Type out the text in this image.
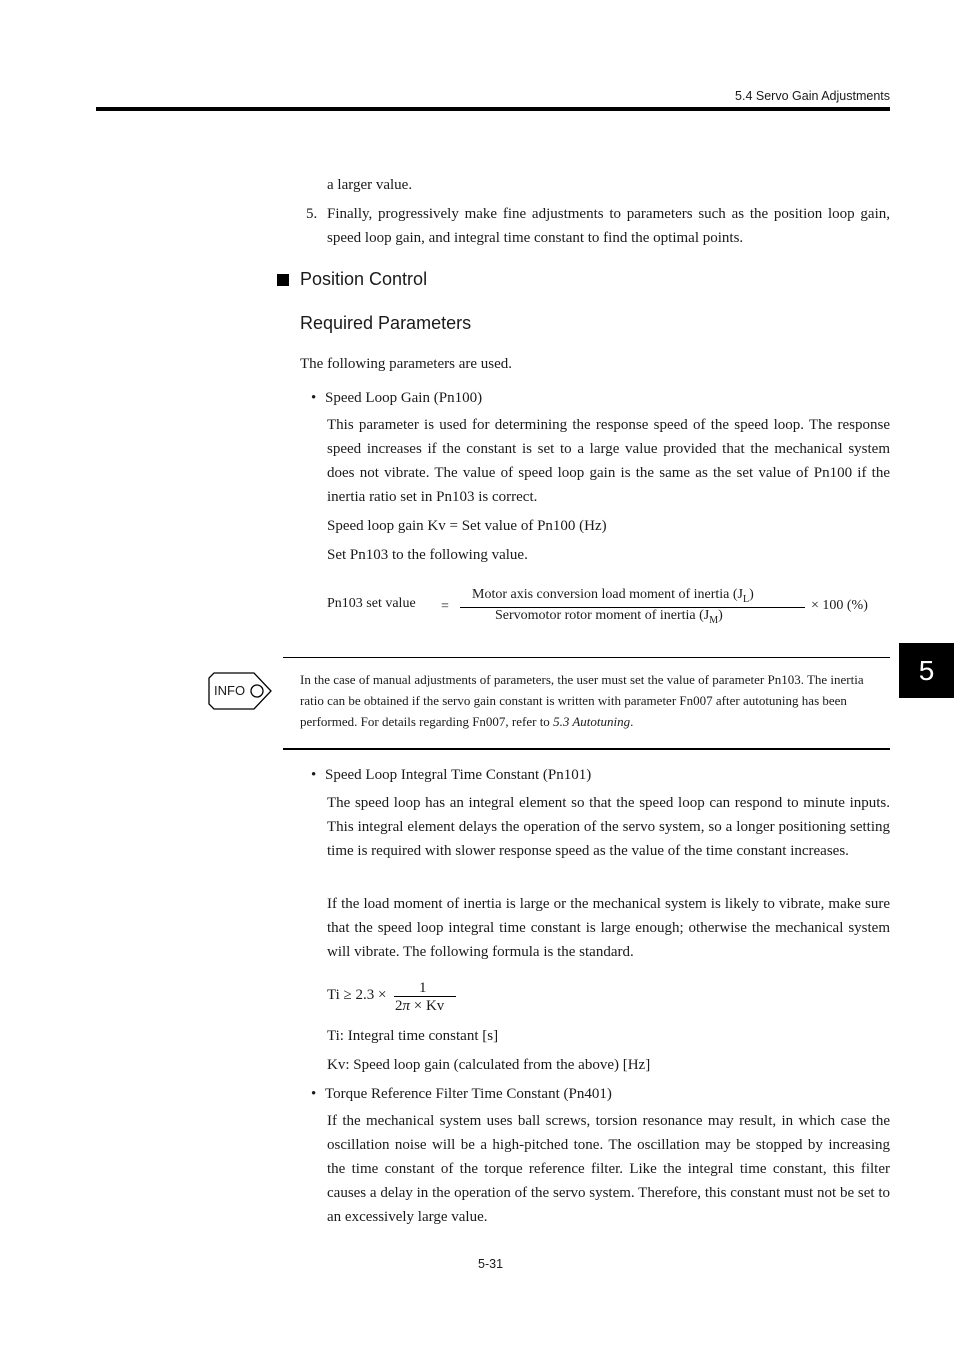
5.4 Servo Gain Adjustments
5
a larger value.
5. Finally, progressively make fine adjustments to parameters such as the position loop gain, speed loop gain, and integral time constant to find the optimal points.
Position Control
Required Parameters
The following parameters are used.
• Speed Loop Gain (Pn100)
This parameter is used for determining the response speed of the speed loop. The response speed increases if the constant is set to a large value provided that the mechanical system does not vibrate. The value of speed loop gain is the same as the set value of Pn100 if the inertia ratio set in Pn103 is correct.
Speed loop gain Kv = Set value of Pn100 (Hz)
Set Pn103 to the following value.
Pn103 set value =
Motor axis conversion load moment of inertia $(J_L)$
Servomotor rotor moment of inertia $(J_M)$
× 100 (%)
INFO
In the case of manual adjustments of parameters, the user must set the value of parameter Pn103. The inertia ratio can be obtained if the servo gain constant is written with parameter Fn007 after autotuning has been performed. For details regarding Fn007, refer to 5.3 Autotuning.
• Speed Loop Integral Time Constant (Pn101)
The speed loop has an integral element so that the speed loop can respond to minute inputs. This integral element delays the operation of the servo system, so a longer positioning setting time is required with slower response speed as the value of the time constant increases.
If the load moment of inertia is large or the mechanical system is likely to vibrate, make sure that the speed loop integral time constant is large enough; otherwise the mechanical system will vibrate. The following formula is the standard.
Ti ≥ 2.3 × 1
2π × Kv
Ti: Integral time constant [s]
Kv: Speed loop gain (calculated from the above) [Hz]
• Torque Reference Filter Time Constant (Pn401)
If the mechanical system uses ball screws, torsion resonance may result, in which case the oscillation noise will be a high-pitched tone. The oscillation may be stopped by increasing the time constant of the torque reference filter. Like the integral time constant, this filter causes a delay in the operation of the servo system. Therefore, this constant must not be set to an excessively large value.
5-31
